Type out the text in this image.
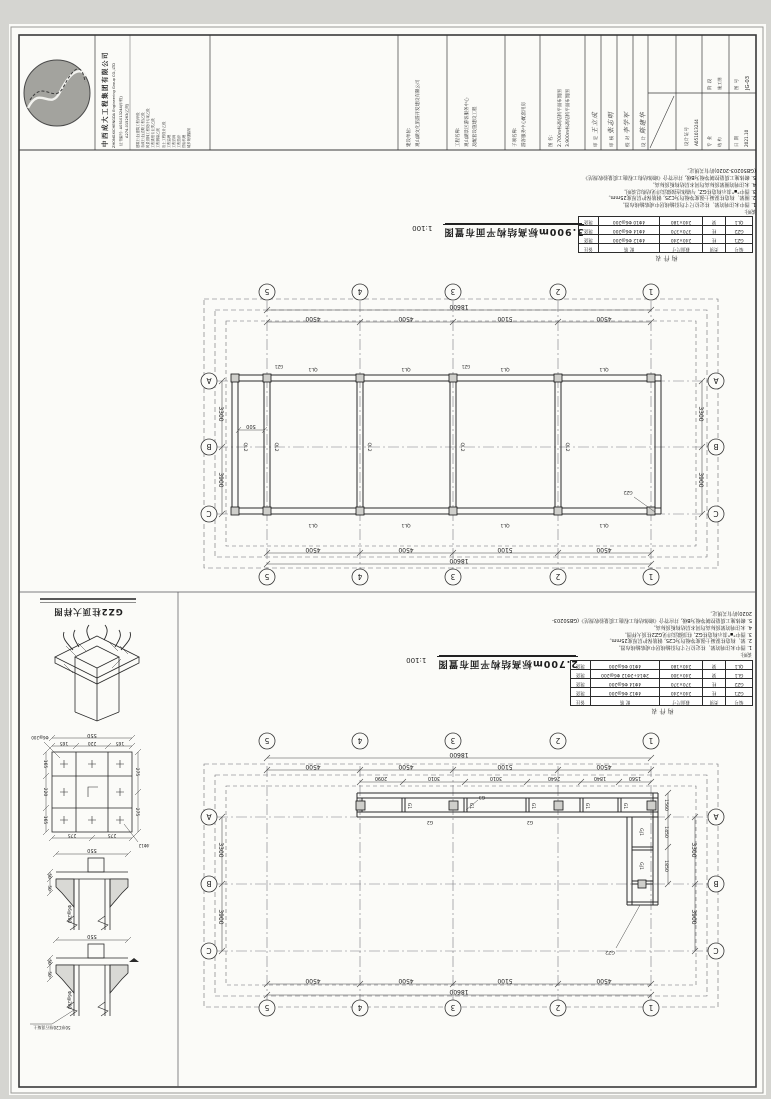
5	4	3	2	1
5	4	3	2	1
A
B
C
A
B
C
18600
4500	4500	5100	4500
4500	4500	5100	4500
18600
3300
3900
3300
3900
500
QL1	QL1	QL1	QL1
QL1	QL1	QL1	QL1
QL2	QL2	QL2	QL2
QL2
GZ1	GZ1
GZ2
5	4	3	2	1
5	4	3	2	1
A
B
C
A
B
C
18600
4500	4500	5100	4500
2090	3010	3010	2640	1840	1560
4500	4500	5100	4500
18600
3300
3900
3300
3900
1560
1450
1850
G1	G1	G1	G1	G1
G2	G2
G3
GJ1
GJ1
GZ2
550
165	220	165
165
220
165
275
275
275	275
Φ6@200
4Φ12
550
50
50
Φ6@200
550
50
50
Φ6@200
50厚C20细石混凝土
中西成大工程集团有限公司 ZHONGXICHENGDA Engineering Group CO.,LTD 证书编号: A051013244(甲级) A274-015263(乙级)	建筑行业(建筑工程)甲级 市政行业(道路工程)乙级 风景园林工程设计专项乙级 工程勘察专业类乙级 工程测量乙级 岩土工程设计乙级 工程监理 工程咨询 工程造价 招标代理 城乡规划编制	建设单位: 观山湖文化旅游开发建设有限公司	工程名称: 观山湖景区游客服务中心 及配套设施建设工程	子项名称: 游客服务中心配套用房	图 名: 2.700m标高结构平面布置图 3.900m标高结构平面布置图	审 定 王立成
审 核 张志明
校 对 李学军
设 计 陈建华
设计证号 A051013244
阶 段 施工图
专 业 结 构
图 号 JG-03
日 期 2021.10
说明:
1. 图中未注明的梁、柱定位尺寸均沿轴线居中或贴轴线布置。
2. 圈梁、构造柱混凝土强度等级均为C25, 钢筋保护层厚度25mm。
3. 图中"▪"表示构造柱GZ, 与墙体连接做法详见结构总说明。
4. 未注明的圈梁顶标高均同本层结构板顶标高。
5. 砌体施工质量控制等级为B级, 并应符合《砌体结构工程施工质量验收规范》(GB50203-2020)的有关规定。
构件表
编号	类别	截面尺寸	配 筋	备注
GZ1	柱	240×240	4Φ12 Φ6@200	现浇
GZ2	柱	370×370	4Φ14 Φ6@200	现浇
QL1	梁	240×180	4Φ10 Φ6@200	现浇
3.900m标高结构平面布置图 1:100
说明:
1. 图中未注明的梁、柱定位尺寸均沿轴线居中或贴轴线布置。
2. 梁、构造柱混凝土强度等级均为C25, 钢筋保护层厚度25mm。
3. 图中"▪"表示构造柱GZ, 柱顶做法详见GZ2柱顶大样图。
4. 未注明的梁顶标高均同本层结构板顶标高。
5. 砌体施工质量控制等级为B级, 并应符合《砌体结构工程施工质量验收规范》(GB50203-2020)的有关规定。
构件表
编号	类别	截面尺寸	配 筋	备注
GZ1	柱	240×240	4Φ12 Φ6@200	现浇
GZ2	柱	370×370	4Φ14 Φ6@200	现浇
GL1	梁	240×300	2Φ14+2Φ12 Φ6@200	现浇
QL1	梁	240×180	4Φ10 Φ6@200	现浇
2.700m标高结构平面布置图 1:100
GZ2柱顶大样图
